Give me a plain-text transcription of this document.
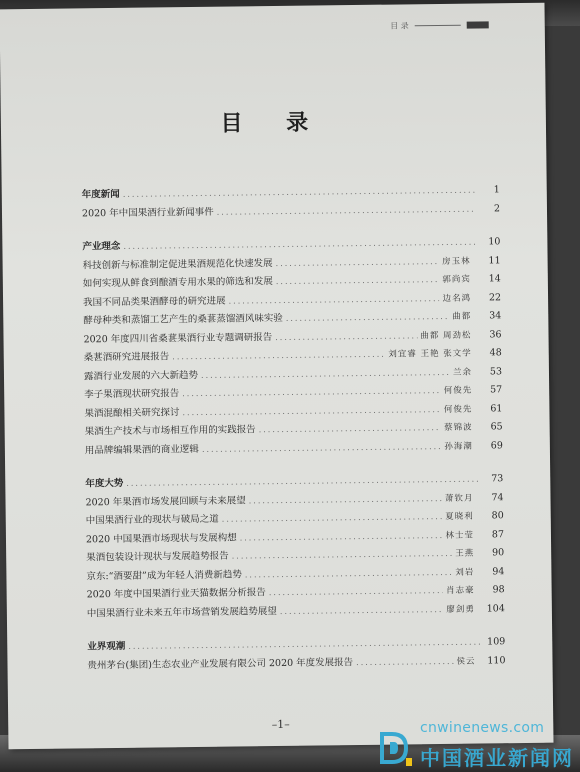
目 录
目 录
年度新闻 .....	1
2020 年中国果酒行业新闻事件 .....	2
产业理念 .....	10
科技创新与标准制定促进果酒规范化快速发展 .....	房玉林	11
如何实现从鲜食到酿酒专用水果的筛选和发展 .....	郭尚宾	14
我国不同品类果酒酵母的研究进展 .....	边名鸿	22
酵母种类和蒸馏工艺产生的桑葚蒸馏酒风味实验 .....	曲都	34
2020 年度四川省桑葚果酒行业专题调研报告 .....	曲都 周劲松	36
桑葚酒研究进展报告 .....	刘宜睿 王艳 张文学	48
露酒行业发展的六大新趋势 .....	兰余	53
李子果酒现状研究报告 .....	何俊先	57
果酒混酿相关研究探讨 .....	何俊先	61
果酒生产技术与市场相互作用的实践报告 .....	蔡锦波	65
用品牌编辑果酒的商业逻辑 .....	孙海潮	69
年度大势 .....	73
2020 年果酒市场发展回顾与未来展望 .....	萧钦月	74
中国果酒行业的现状与破局之道 .....	夏晓利	80
2020 中国果酒市场现状与发展构想 .....	林士莹	87
果酒包装设计现状与发展趋势报告 .....	王燕	90
京东:“酒要甜”成为年轻人消费新趋势 .....	刘岩	94
2020 年度中国果酒行业天猫数据分析报告 .....	肖志豪	98
中国果酒行业未来五年市场营销发展趋势展望 .....	廖剑勇	104
业界观潮 .....	109
贵州茅台(集团)生态农业产业发展有限公司 2020 年度发展报告 .....	侯云	110
–1–	cnwinenews.com
中国酒业新闻网
